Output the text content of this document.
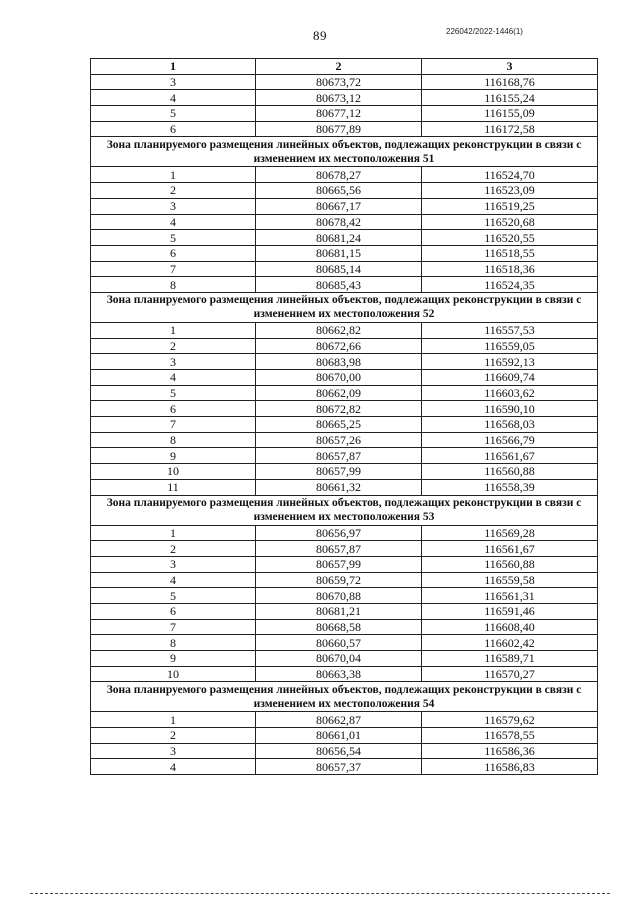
89	226042/2022-1446(1)
1	2	3
3	80673,72	116168,76
4	80673,12	116155,24
5	80677,12	116155,09
6	80677,89	116172,58
Зона планируемого размещения линейных объектов, подлежащих реконструкции в связи с изменением их местоположения 51		
1	80678,27	116524,70
2	80665,56	116523,09
3	80667,17	116519,25
4	80678,42	116520,68
5	80681,24	116520,55
6	80681,15	116518,55
7	80685,14	116518,36
8	80685,43	116524,35
Зона планируемого размещения линейных объектов, подлежащих реконструкции в связи с изменением их местоположения 52		
1	80662,82	116557,53
2	80672,66	116559,05
3	80683,98	116592,13
4	80670,00	116609,74
5	80662,09	116603,62
6	80672,82	116590,10
7	80665,25	116568,03
8	80657,26	116566,79
9	80657,87	116561,67
10	80657,99	116560,88
11	80661,32	116558,39
Зона планируемого размещения линейных объектов, подлежащих реконструкции в связи с изменением их местоположения 53		
1	80656,97	116569,28
2	80657,87	116561,67
3	80657,99	116560,88
4	80659,72	116559,58
5	80670,88	116561,31
6	80681,21	116591,46
7	80668,58	116608,40
8	80660,57	116602,42
9	80670,04	116589,71
10	80663,38	116570,27
Зона планируемого размещения линейных объектов, подлежащих реконструкции в связи с изменением их местоположения 54		
1	80662,87	116579,62
2	80661,01	116578,55
3	80656,54	116586,36
4	80657,37	116586,83
